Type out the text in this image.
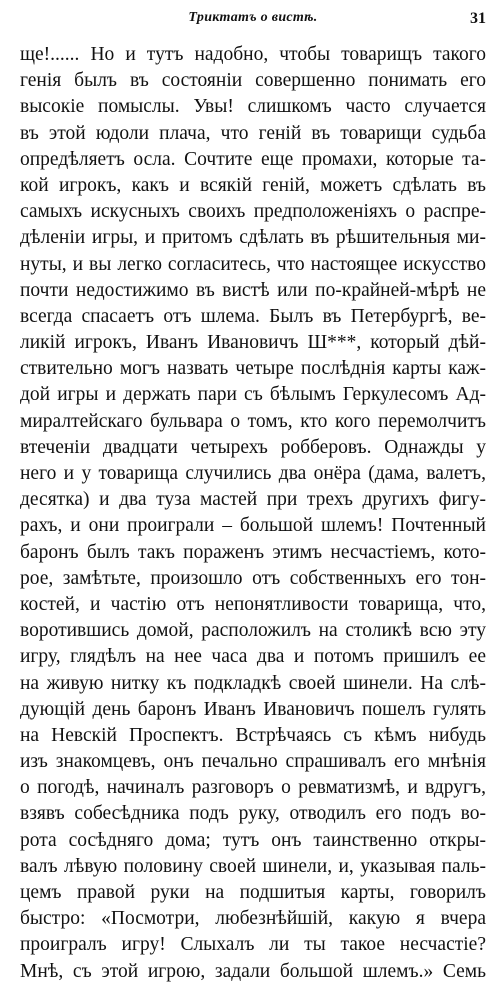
Триктатъ о вистѣ.	31
ще!...... Но и тутъ надобно, чтобы товарищъ такого
генія былъ въ состояніи совершенно понимать его
высокіе помыслы. Увы! слишкомъ часто случается
въ этой юдоли плача, что геній въ товарищи судьба
опредѣляетъ осла. Сочтите еще промахи, которые та-
кой игрокъ, какъ и всякій геній, можетъ сдѣлать въ
самыхъ искусныхъ своихъ предположеніяхъ о распре-
дѣленіи игры, и притомъ сдѣлать въ рѣшительныя ми-
нуты, и вы легко согласитесь, что настоящее искусство
почти недостижимо въ вистѣ или по-крайней-мѣрѣ не
всегда спасаетъ отъ шлема. Былъ въ Петербургѣ, ве-
ликій игрокъ, Иванъ Ивановичъ Ш***, который дѣй-
ствительно могъ назвать четыре послѣднія карты каж-
дой игры и держать пари съ бѣлымъ Геркулесомъ Ад-
миралтейскаго бульвара о томъ, кто кого перемолчитъ
втеченіи двадцати четырехъ робберовъ. Однажды у
него и у товарища случились два онёра (дама, валетъ,
десятка) и два туза мастей при трехъ другихъ фигу-
рахъ, и они проиграли – большой шлемъ! Почтенный
баронъ былъ такъ пораженъ этимъ несчастіемъ, кото-
рое, замѣтьте, произошло отъ собственныхъ его тон-
костей, и частію отъ непонятливости товарища, что,
воротившись домой, расположилъ на столикѣ всю эту
игру, глядѣлъ на нее часа два и потомъ пришилъ ее
на живую нитку къ подкладкѣ своей шинели. На слѣ-
дующій день баронъ Иванъ Ивановичъ пошелъ гулять
на Невскій Проспектъ. Встрѣчаясь съ кѣмъ нибудь
изъ знакомцевъ, онъ печально спрашивалъ его мнѣнія
о погодѣ, начиналъ разговоръ о ревматизмѣ, и вдругъ,
взявъ собесѣдника подъ руку, отводилъ его подъ во-
рота сосѣдняго дома; тутъ онъ таинственно откры-
валъ лѣвую половину своей шинели, и, указывая паль-
цемъ правой руки на подшитыя карты, говорилъ
быстро: «Посмотри, любезнѣйшій, какую я вчера
проигралъ игру! Слыхалъ ли ты такое несчастіе?
Мнѣ, съ этой игрою, задали большой шлемъ.» Семь
